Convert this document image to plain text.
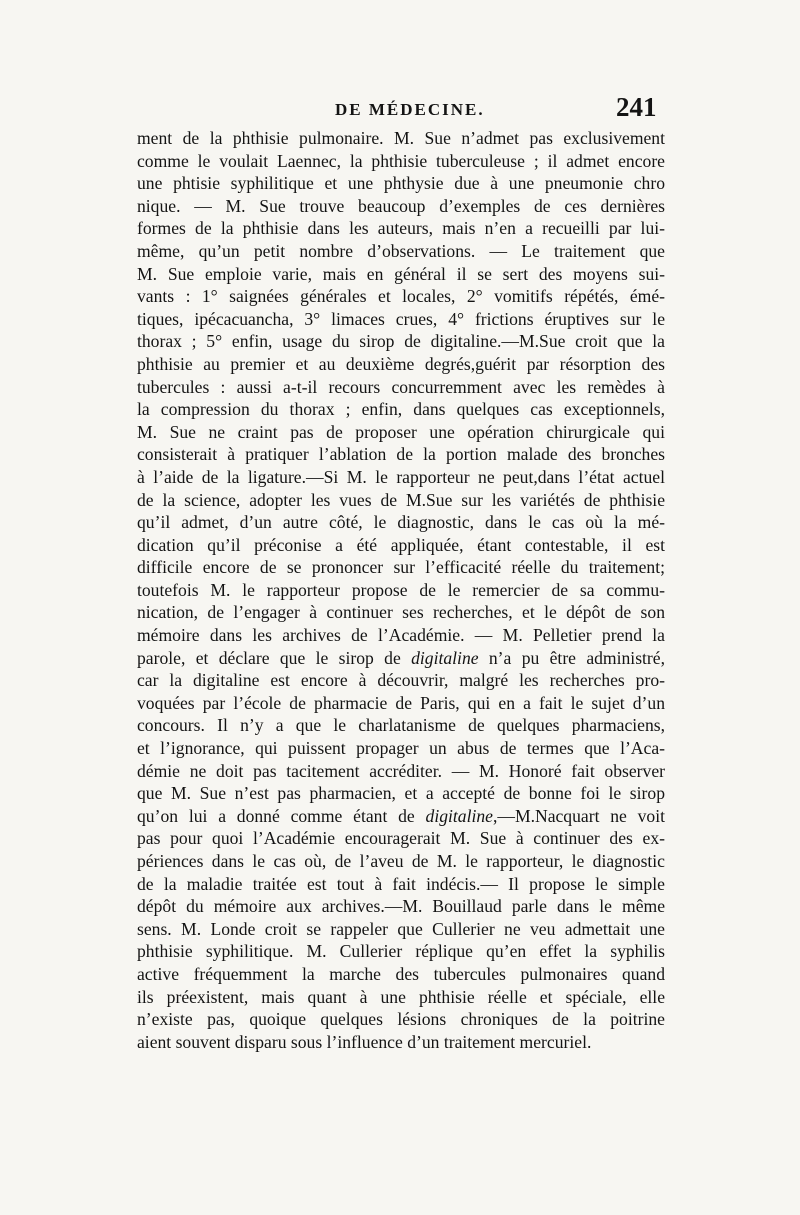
DE MÉDECINE.	241
ment de la phthisie pulmonaire. M. Sue n’admet pas exclusivement
comme le voulait Laennec, la phthisie tuberculeuse ; il admet encore
une phtisie syphilitique et une phthysie due à une pneumonie chro
nique. — M. Sue trouve beaucoup d’exemples de ces dernières
formes de la phthisie dans les auteurs, mais n’en a recueilli par lui-
même, qu’un petit nombre d’observations. — Le traitement que
M. Sue emploie varie, mais en général il se sert des moyens sui-
vants : 1° saignées générales et locales, 2° vomitifs répétés, émé-
tiques, ipécacuancha, 3° limaces crues, 4° frictions éruptives sur le
thorax ; 5° enfin, usage du sirop de digitaline.—M.Sue croit que la
phthisie au premier et au deuxième degrés,guérit par résorption des
tubercules : aussi a-t-il recours concurremment avec les remèdes à
la compression du thorax ; enfin, dans quelques cas exceptionnels,
M. Sue ne craint pas de proposer une opération chirurgicale qui
consisterait à pratiquer l’ablation de la portion malade des bronches
à l’aide de la ligature.—Si M. le rapporteur ne peut,dans l’état actuel
de la science, adopter les vues de M.Sue sur les variétés de phthisie
qu’il admet, d’un autre côté, le diagnostic, dans le cas où la mé-
dication qu’il préconise a été appliquée, étant contestable, il est
difficile encore de se prononcer sur l’efficacité réelle du traitement;
toutefois M. le rapporteur propose de le remercier de sa commu-
nication, de l’engager à continuer ses recherches, et le dépôt de son
mémoire dans les archives de l’Académie. — M. Pelletier prend la
parole, et déclare que le sirop de digitaline n’a pu être administré,
car la digitaline est encore à découvrir, malgré les recherches pro-
voquées par l’école de pharmacie de Paris, qui en a fait le sujet d’un
concours. Il n’y a que le charlatanisme de quelques pharmaciens,
et l’ignorance, qui puissent propager un abus de termes que l’Aca-
démie ne doit pas tacitement accréditer. — M. Honoré fait observer
que M. Sue n’est pas pharmacien, et a accepté de bonne foi le sirop
qu’on lui a donné comme étant de digitaline,—M.Nacquart ne voit
pas pour quoi l’Académie encouragerait M. Sue à continuer des ex-
périences dans le cas où, de l’aveu de M. le rapporteur, le diagnostic
de la maladie traitée est tout à fait indécis.— Il propose le simple
dépôt du mémoire aux archives.—M. Bouillaud parle dans le même
sens. M. Londe croit se rappeler que Cullerier ne veu admettait une
phthisie syphilitique. M. Cullerier réplique qu’en effet la syphilis
active fréquemment la marche des tubercules pulmonaires quand
ils préexistent, mais quant à une phthisie réelle et spéciale, elle
n’existe pas, quoique quelques lésions chroniques de la poitrine
aient souvent disparu sous l’influence d’un traitement mercuriel.
